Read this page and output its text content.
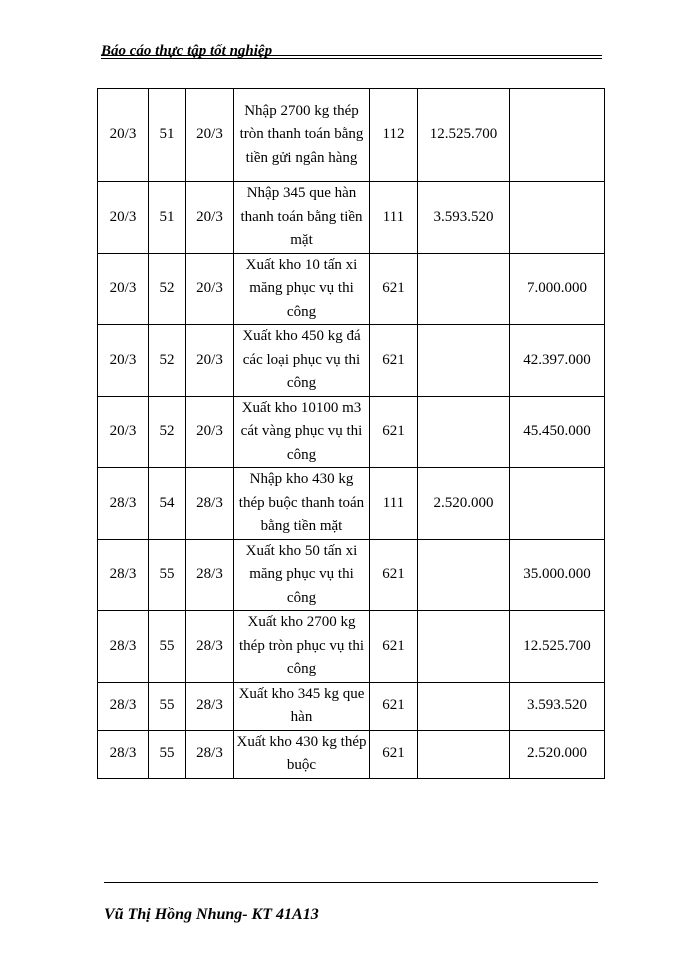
Báo cáo thực tập tốt nghiệp
20/3	51	20/3	Nhập 2700 kg thép tròn thanh toán bằng tiền gửi ngân hàng	112	12.525.700	
20/3	51	20/3	Nhập 345 que hàn thanh toán bằng tiền mặt	111	3.593.520	
20/3	52	20/3	Xuất kho 10 tấn xi măng phục vụ thi công	621		7.000.000
20/3	52	20/3	Xuất kho 450 kg đá các loại phục vụ thi công	621		42.397.000
20/3	52	20/3	Xuất kho 10100 m3 cát vàng phục vụ thi công	621		45.450.000
28/3	54	28/3	Nhập kho 430 kg thép buộc thanh toán bằng tiền mặt	111	2.520.000	
28/3	55	28/3	Xuất kho 50 tấn xi măng phục vụ thi công	621		35.000.000
28/3	55	28/3	Xuất kho 2700 kg thép tròn phục vụ thi công	621		12.525.700
28/3	55	28/3	Xuất kho 345 kg que hàn	621		3.593.520
28/3	55	28/3	Xuất kho 430 kg thép buộc	621		2.520.000
Vũ Thị Hồng Nhung- KT 41A13
